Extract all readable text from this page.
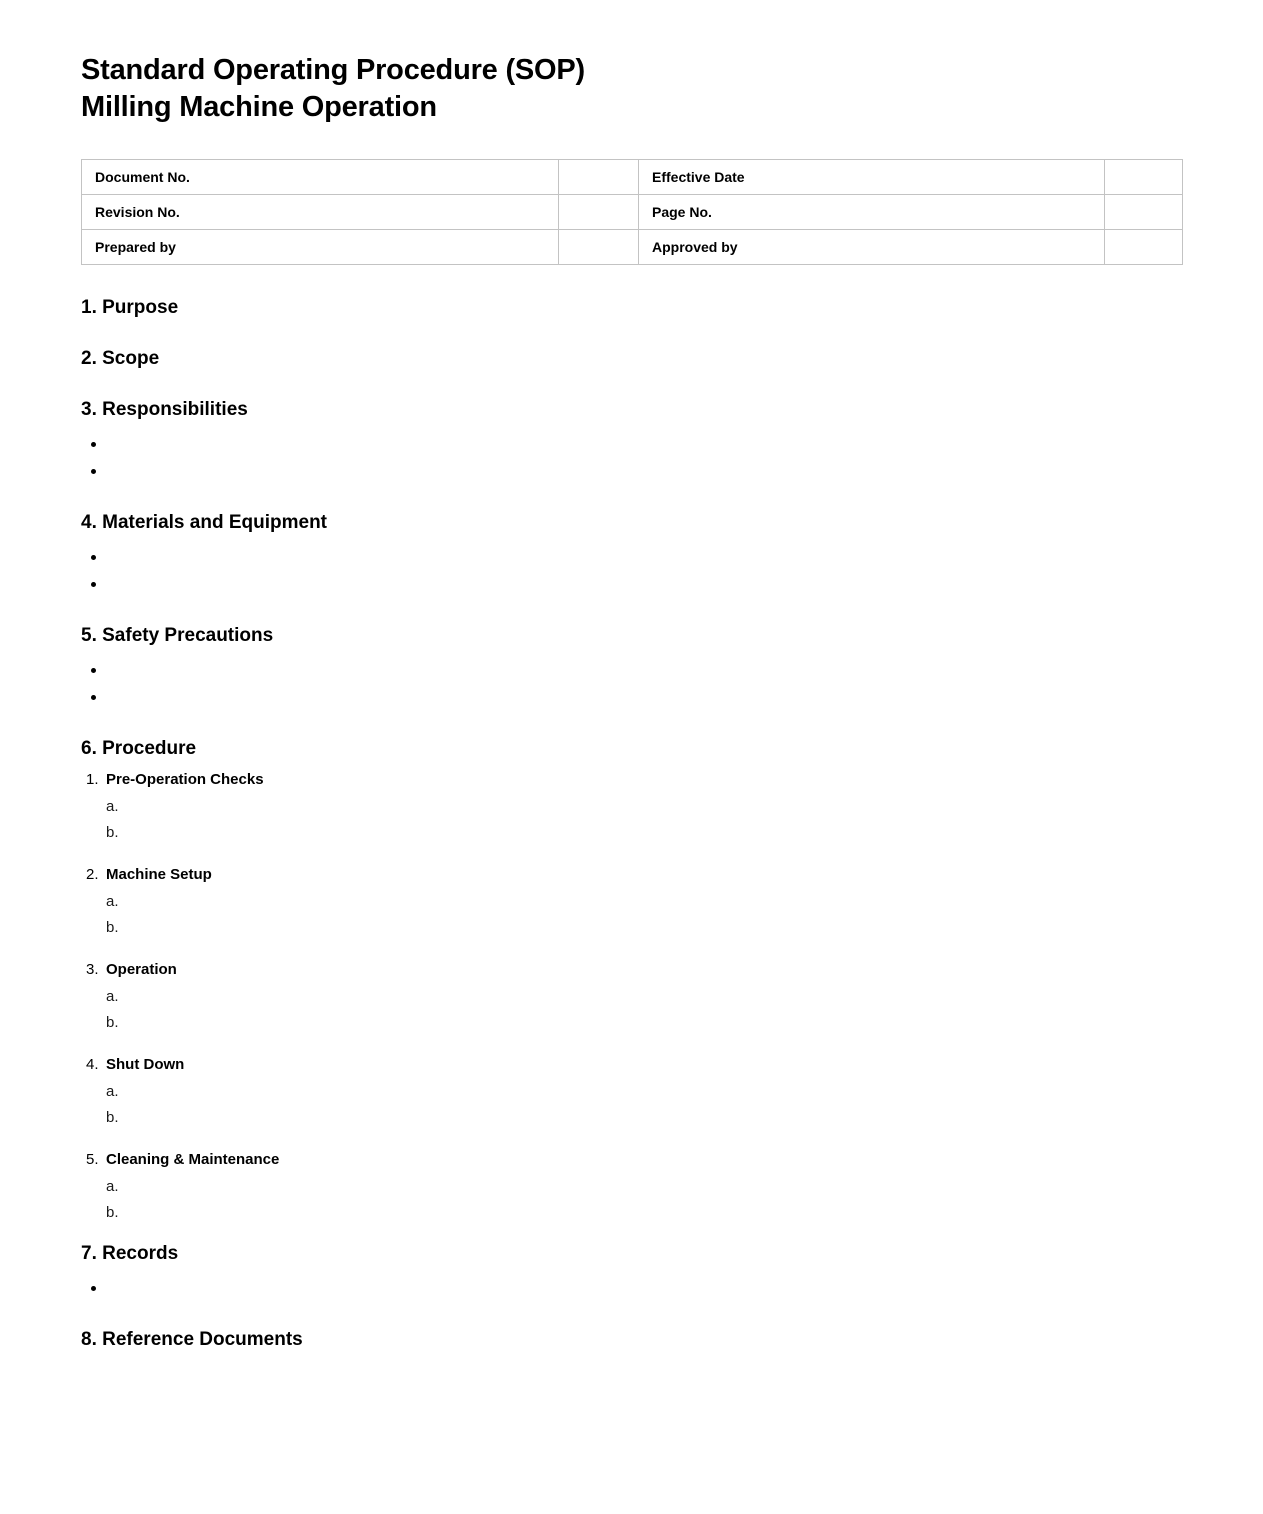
Standard Operating Procedure (SOP)
Milling Machine Operation
Document No.		Effective Date	
Revision No.		Page No.	
Prepared by		Approved by	
1. Purpose
2. Scope
3. Responsibilities
4. Materials and Equipment
5. Safety Precautions
6. Procedure
1. Pre-Operation Checks
a.
b.
2. Machine Setup
a.
b.
3. Operation
a.
b.
4. Shut Down
a.
b.
5. Cleaning & Maintenance
a.
b.
7. Records
8. Reference Documents
